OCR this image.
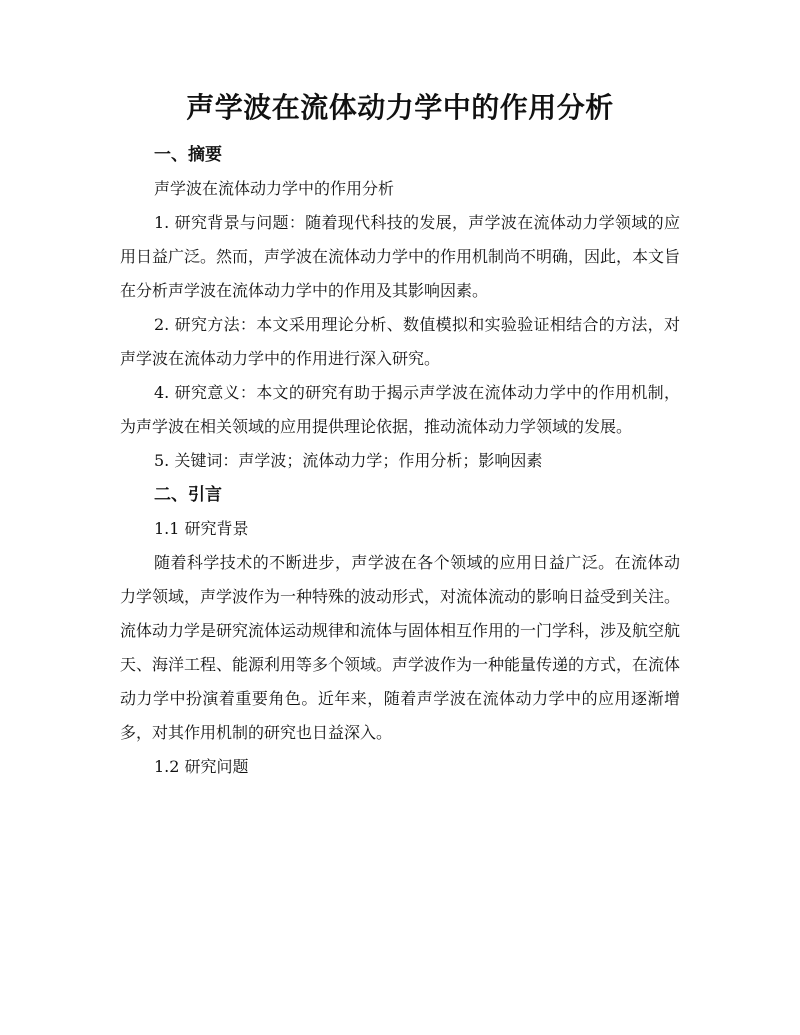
声学波在流体动力学中的作用分析
一、摘要

声学波在流体动力学中的作用分析

1. 研究背景与问题：随着现代科技的发展，声学波在流体动力学领域的应用日益广泛。然而，声学波在流体动力学中的作用机制尚不明确，因此，本文旨在分析声学波在流体动力学中的作用及其影响因素。

2. 研究方法：本文采用理论分析、数值模拟和实验验证相结合的方法，对声学波在流体动力学中的作用进行深入研究。

4. 研究意义：本文的研究有助于揭示声学波在流体动力学中的作用机制，为声学波在相关领域的应用提供理论依据，推动流体动力学领域的发展。

5. 关键词：声学波；流体动力学；作用分析；影响因素

二、引言

1.1 研究背景

随着科学技术的不断进步，声学波在各个领域的应用日益广泛。在流体动力学领域，声学波作为一种特殊的波动形式，对流体流动的影响日益受到关注。流体动力学是研究流体运动规律和流体与固体相互作用的一门学科，涉及航空航天、海洋工程、能源利用等多个领域。声学波作为一种能量传递的方式，在流体动力学中扮演着重要角色。近年来，随着声学波在流体动力学中的应用逐渐增多，对其作用机制的研究也日益深入。

1.2 研究问题
